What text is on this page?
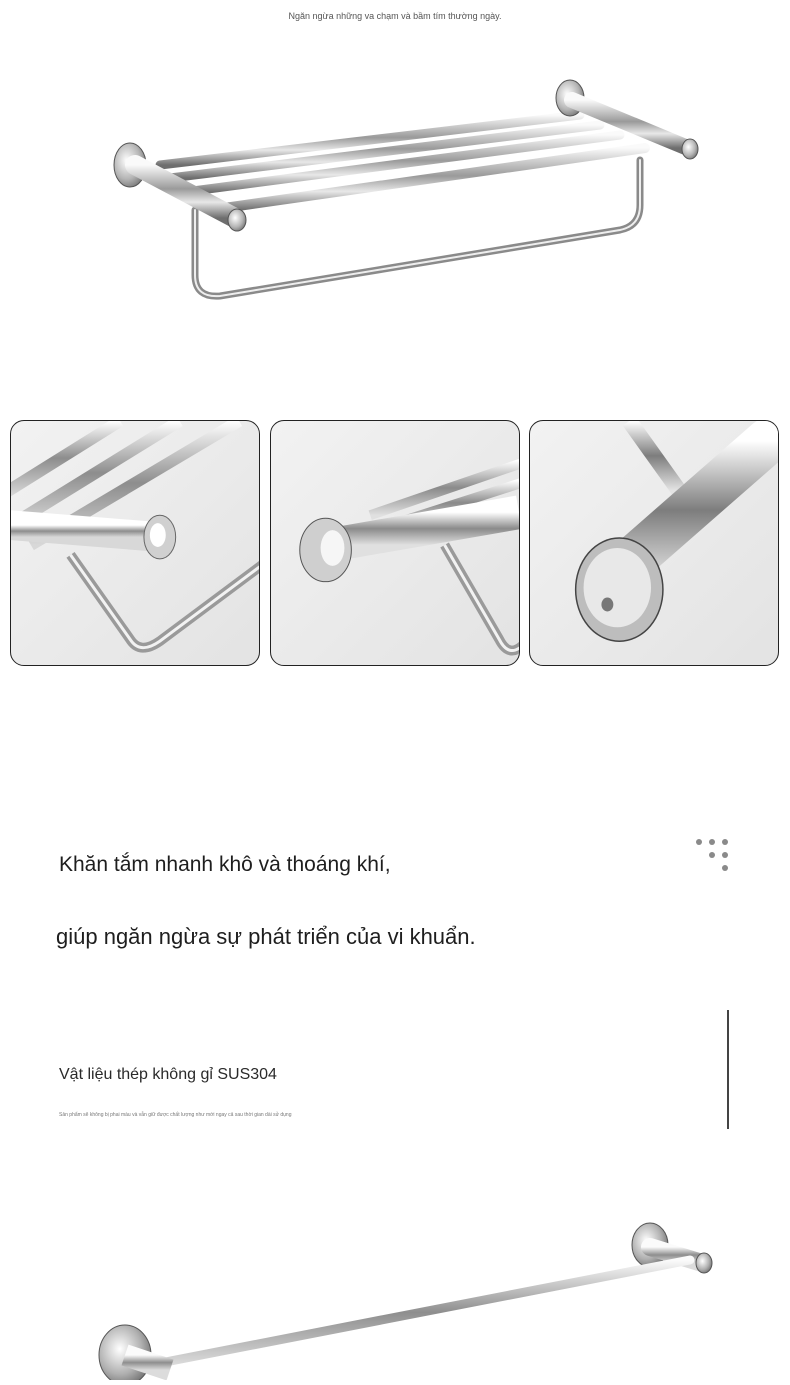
Ngăn ngừa những va chạm và bầm tím thường ngày.
Khăn tắm nhanh khô và thoáng khí,
giúp ngăn ngừa sự phát triển của vi khuẩn.
Vật liệu thép không gỉ SUS304
Sản phẩm sẽ không bị phai màu và vẫn giữ được chất lượng như mới ngay cả sau thời gian dài sử dụng
